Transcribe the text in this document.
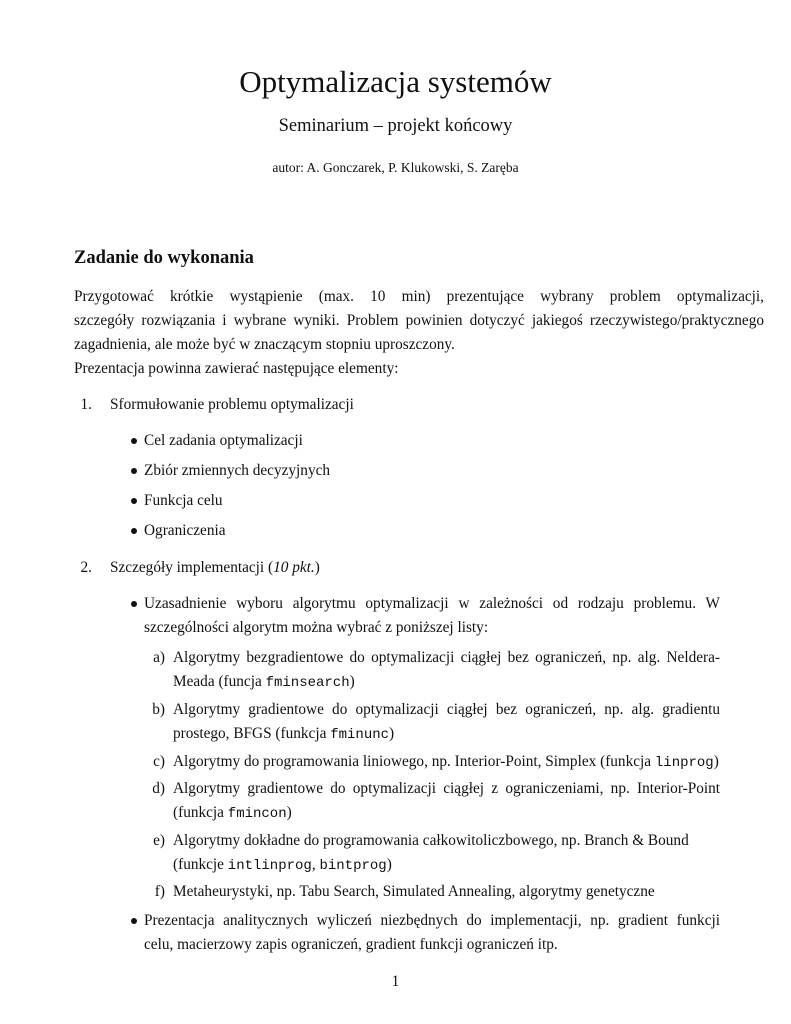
Optymalizacja systemów
Seminarium – projekt końcowy
autor: A. Gonczarek, P. Klukowski, S. Zaręba
Zadanie do wykonania

Przygotować krótkie wystąpienie (max. 10 min) prezentujące wybrany problem optymalizacji,

szczegóły rozwiązania i wybrane wyniki. Problem powinien dotyczyć jakiegoś rzeczywistego/praktycznego

zagadnienia, ale może być w znaczącym stopniu uproszczony.

Prezentacja powinna zawierać następujące elementy:

1. Sformułowanie problemu optymalizacji
Cel zadania optymalizacji
Zbiór zmiennych decyzyjnych
Funkcja celu
Ograniczenia
2. Szczegóły implementacji (10 pkt.)
Uzasadnienie wyboru algorytmu optymalizacji w zależności od rodzaju problemu. W
szczególności algorytm można wybrać z poniższej listy:
a) Algorytmy bezgradientowe do optymalizacji ciągłej bez ograniczeń, np. alg. Neldera-
Meada (funcja fminsearch)
b) Algorytmy gradientowe do optymalizacji ciągłej bez ograniczeń, np. alg. gradientu
prostego, BFGS (funkcja fminunc)
c) Algorytmy do programowania liniowego, np. Interior-Point, Simplex (funkcja linprog)
d) Algorytmy gradientowe do optymalizacji ciągłej z ograniczeniami, np. Interior-Point
(funkcja fmincon)
e) Algorytmy dokładne do programowania całkowitoliczbowego, np. Branch & Bound
(funkcje intlinprog, bintprog)
f) Metaheurystyki, np. Tabu Search, Simulated Annealing, algorytmy genetyczne
Prezentacja analitycznych wyliczeń niezbędnych do implementacji, np. gradient funkcji
celu, macierzowy zapis ograniczeń, gradient funkcji ograniczeń itp.
1
